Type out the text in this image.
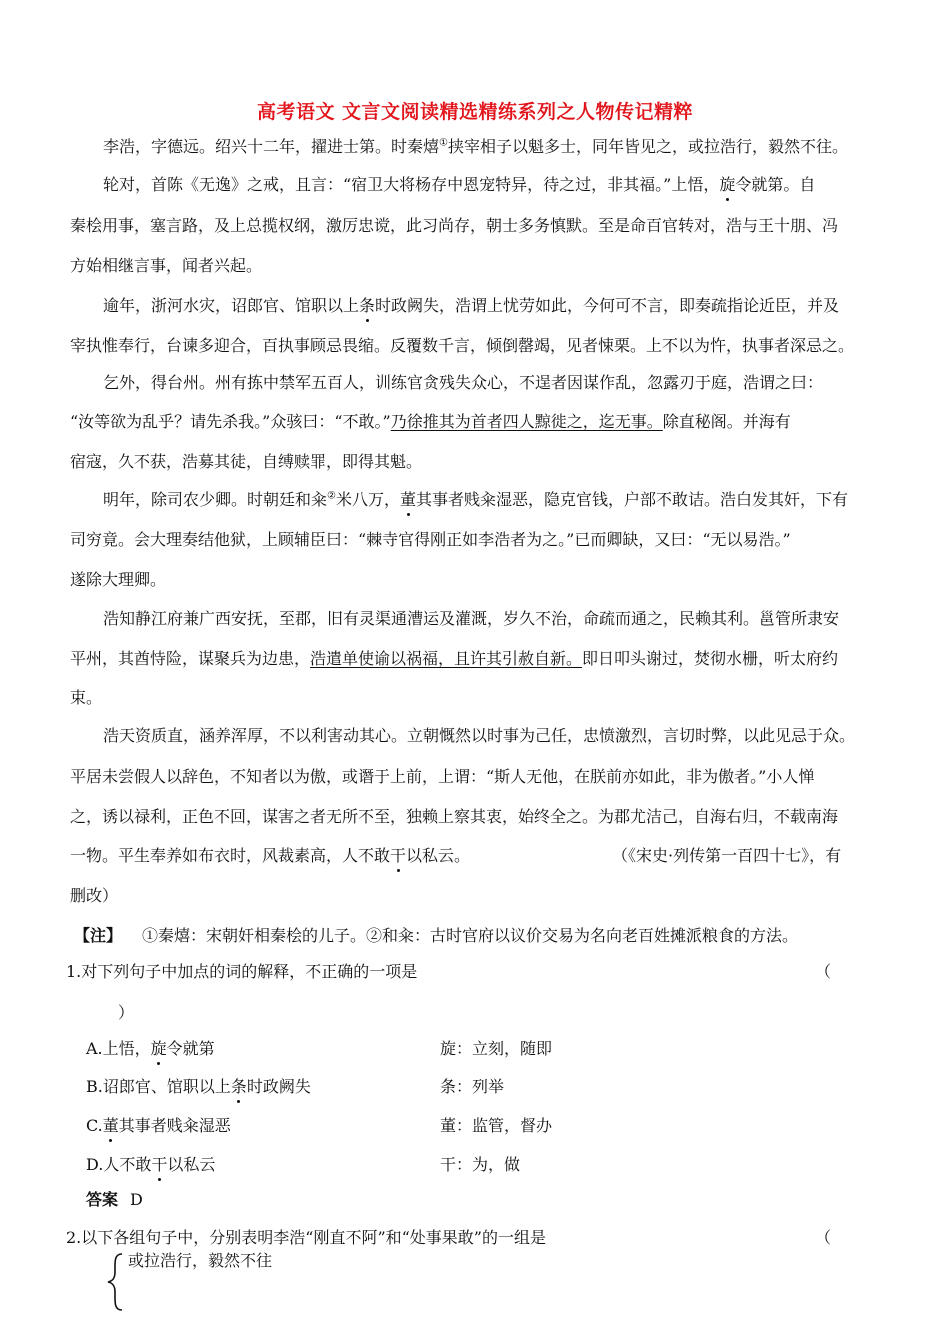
高考语文 文言文阅读精选精练系列之人物传记精粹
李浩，字德远。绍兴十二年，擢进士第。时秦熺①挟宰相子以魁多士，同年皆见之，或拉浩行，毅然不往。
轮对，首陈《无逸》之戒，且言：“宿卫大将杨存中恩宠特异，待之过，非其福。”上悟，旋令就第。自
秦桧用事，塞言路，及上总揽权纲，激厉忠谠，此习尚存，朝士多务慎默。至是命百官转对，浩与王十朋、冯
方始相继言事，闻者兴起。
逾年，浙河水灾，诏郎官、馆职以上条时政阙失，浩谓上忧劳如此，今何可不言，即奏疏指论近臣，并及
宰执惟奉行，台谏多迎合，百执事顾忌畏缩。反覆数千言，倾倒罄竭，见者悚栗。上不以为忤，执事者深忌之。
乞外，得台州。州有拣中禁军五百人，训练官贪残失众心，不逞者因谋作乱，忽露刃于庭，浩谓之曰：
“汝等欲为乱乎？请先杀我。”众骇曰：“不敢。”乃徐推其为首者四人黥徙之，迄无事。除直秘阁。并海有
宿寇，久不获，浩募其徒，自缚赎罪，即得其魁。
明年，除司农少卿。时朝廷和籴②米八万，董其事者贱籴湿恶，隐克官钱，户部不敢诘。浩白发其奸，下有
司穷竟。会大理奏结他狱，上顾辅臣曰：“棘寺官得刚正如李浩者为之。”已而卿缺，又曰：“无以易浩。”
遂除大理卿。
浩知静江府兼广西安抚，至郡，旧有灵渠通漕运及灌溉，岁久不治，命疏而通之，民赖其利。邕管所隶安
平州，其酋恃险，谋聚兵为边患，浩遣单使谕以祸福，且许其引赦自新。即日叩头谢过，焚彻水栅，听太府约
束。
浩天资质直，涵养浑厚，不以利害动其心。立朝慨然以时事为己任，忠愤激烈，言切时弊，以此见忌于众。
平居未尝假人以辞色，不知者以为傲，或谮于上前，上谓：“斯人无他，在朕前亦如此，非为傲者。”小人惮
之，诱以禄利，正色不回，谋害之者无所不至，独赖上察其衷，始终全之。为郡尤洁己，自海右归，不载南海
一物。平生奉养如布衣时，风裁素高，人不敢干以私云。	（《宋史·列传第一百四十七》，有
删改）
【注】 ①秦熺：宋朝奸相秦桧的儿子。②和籴：古时官府以议价交易为名向老百姓摊派粮食的方法。
1.对下列句子中加点的词的解释，不正确的一项是	（
）
A.上悟，旋令就第	旋：立刻，随即
B.诏郎官、馆职以上条时政阙失	条：列举
C.董其事者贱籴湿恶	董：监管，督办
D.人不敢干以私云	干：为，做
答案 D
2.以下各组句子中，分别表明李浩“刚直不阿”和“处事果敢”的一组是	（
或拉浩行，毅然不往
